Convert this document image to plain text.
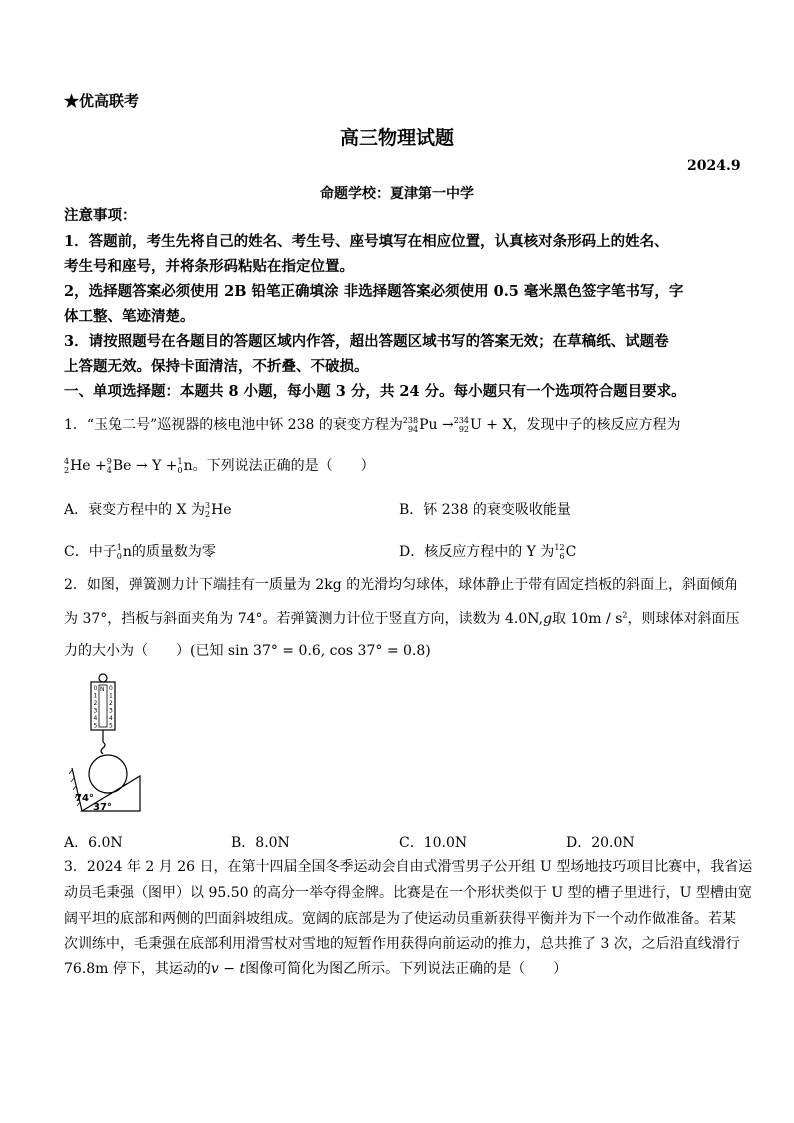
★优高联考
高三物理试题
2024.9
命题学校：夏津第一中学
注意事项：
1．答题前，考生先将自己的姓名、考生号、座号填写在相应位置，认真核对条形码上的姓名、
考生号和座号，并将条形码粘贴在指定位置。
2，选择题答案必须使用 2B 铅笔正确填涂 非选择题答案必须使用 0.5 毫米黑色签字笔书写，字
体工整、笔迹清楚。
3．请按照题号在各题目的答题区域内作答，超出答题区域书写的答案无效；在草稿纸、试题卷
上答题无效。保持卡面清洁，不折叠、不破损。
一、单项选择题：本题共 8 小题，每小题 3 分，共 24 分。每小题只有一个选项符合题目要求。
1．“玉兔二号”巡视器的核电池中钚 238 的衰变方程为 238
94 Pu → 234
92 U + X，发现中子的核反应方程为
4
2 He + 9
4 Be → Y + 1
0 n。下列说法正确的是（　　）
A．衰变方程中的 X 为 3
2 He	B．钚 238 的衰变吸收能量
C．中子 1
0 n的质量数为零	D．核反应方程中的 Y 为 12
6 C
2．如图，弹簧测力计下端挂有一质量为 2kg 的光滑均匀球体，球体静止于带有固定挡板的斜面上，斜面倾角
为 37°，挡板与斜面夹角为 74°。若弹簧测力计位于竖直方向，读数为 4.0N,g取 $10m / s^2$，则球体对斜面压
力的大小为（　　）(已知 sin 37° = 0.6, cos 37° = 0.8)
N
0
1
2
3
4
5
0
1
2
3
4
5
74°
37°
A．6.0N	B．8.0N	C．10.0N	D．20.0N
3．2024 年 2 月 26 日，在第十四届全国冬季运动会自由式滑雪男子公开组 U 型场地技巧项目比赛中，我省运
动员毛秉强（图甲）以 95.50 的高分一举夺得金牌。比赛是在一个形状类似于 U 型的槽子里进行，U 型槽由宽
阔平坦的底部和两侧的凹面斜坡组成。宽阔的底部是为了使运动员重新获得平衡并为下一个动作做准备。若某
次训练中，毛秉强在底部利用滑雪杖对雪地的短暂作用获得向前运动的推力，总共推了 3 次，之后沿直线滑行
76.8m 停下，其运动的v − t图像可简化为图乙所示。下列说法正确的是（　　）
